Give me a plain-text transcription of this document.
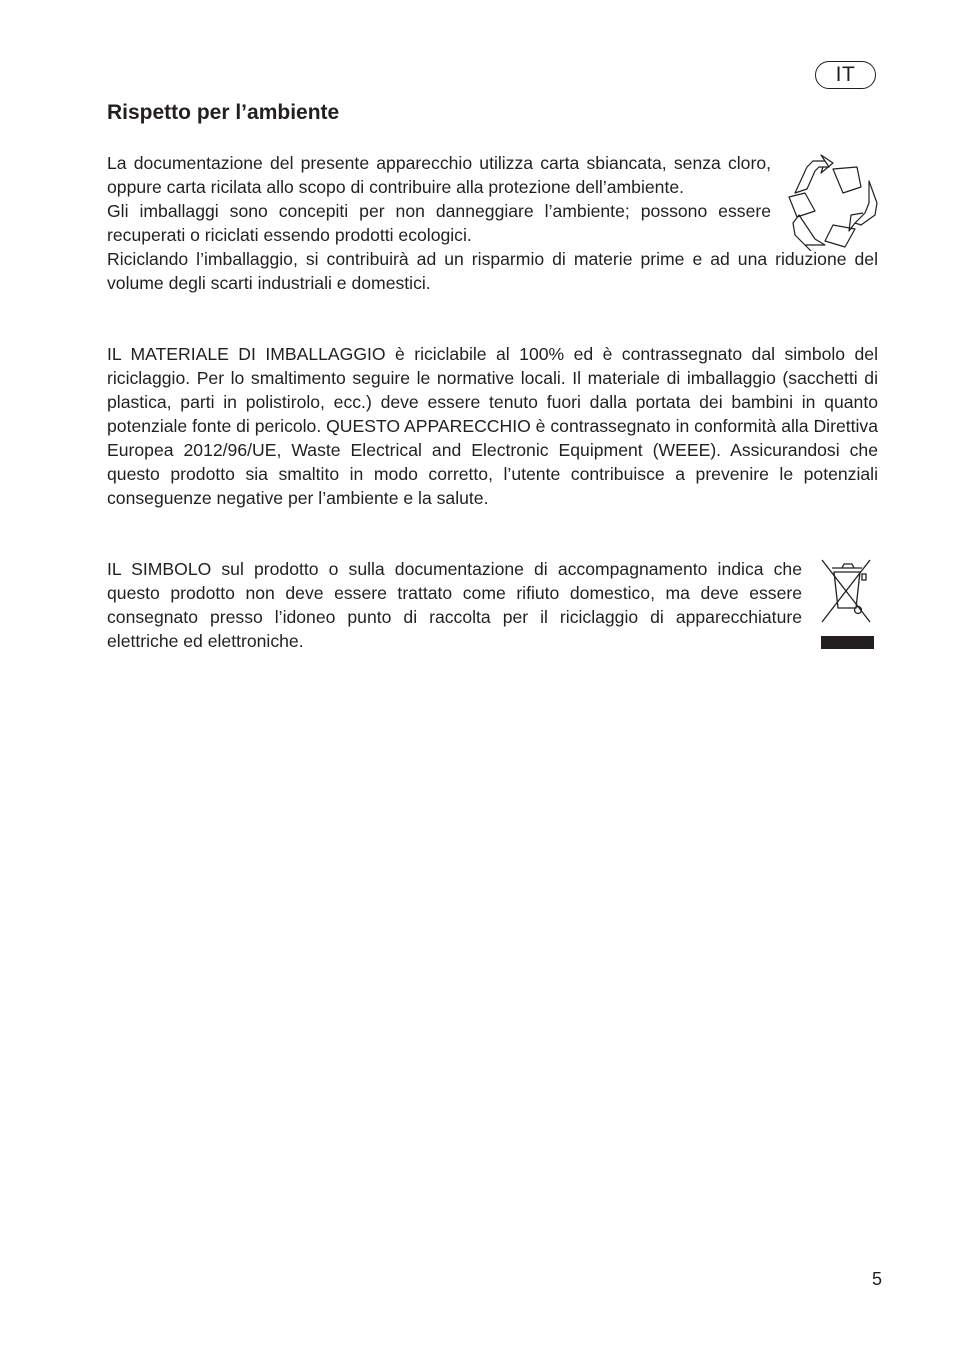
IT
Rispetto per l’ambiente

La documentazione del presente apparecchio utilizza carta sbiancata, senza cloro, oppure carta ricilata allo scopo di contribuire alla protezione dell’ambiente.

Gli imballaggi sono concepiti per non danneggiare l’ambiente; possono essere recuperati o riciclati essendo prodotti ecologici.

Riciclando l’imballaggio, si contribuirà ad un risparmio di materie prime e ad una riduzione del volume degli scarti industriali e domestici.

IL MATERIALE DI IMBALLAGGIO è riciclabile al 100% ed è contrassegnato dal simbolo del riciclaggio. Per lo smaltimento seguire le normative locali. Il materiale di imballaggio (sacchetti di plastica, parti in polistirolo, ecc.) deve essere tenuto fuori dalla portata dei bambini in quanto potenziale fonte di pericolo. QUESTO APPARECCHIO è contrassegnato in conformità alla Direttiva Europea 2012/96/UE, Waste Electrical and Electronic Equipment (WEEE). Assicurandosi che questo prodotto sia smaltito in modo corretto, l’utente contribuisce a prevenire le potenziali conseguenze negative per l’ambiente e la salute.

IL SIMBOLO sul prodotto o sulla documentazione di accompagnamento indica che questo prodotto non deve essere trattato come rifiuto domestico, ma deve essere consegnato presso l’idoneo punto di raccolta per il riciclaggio di apparecchiature elettriche ed elettroniche.

5
